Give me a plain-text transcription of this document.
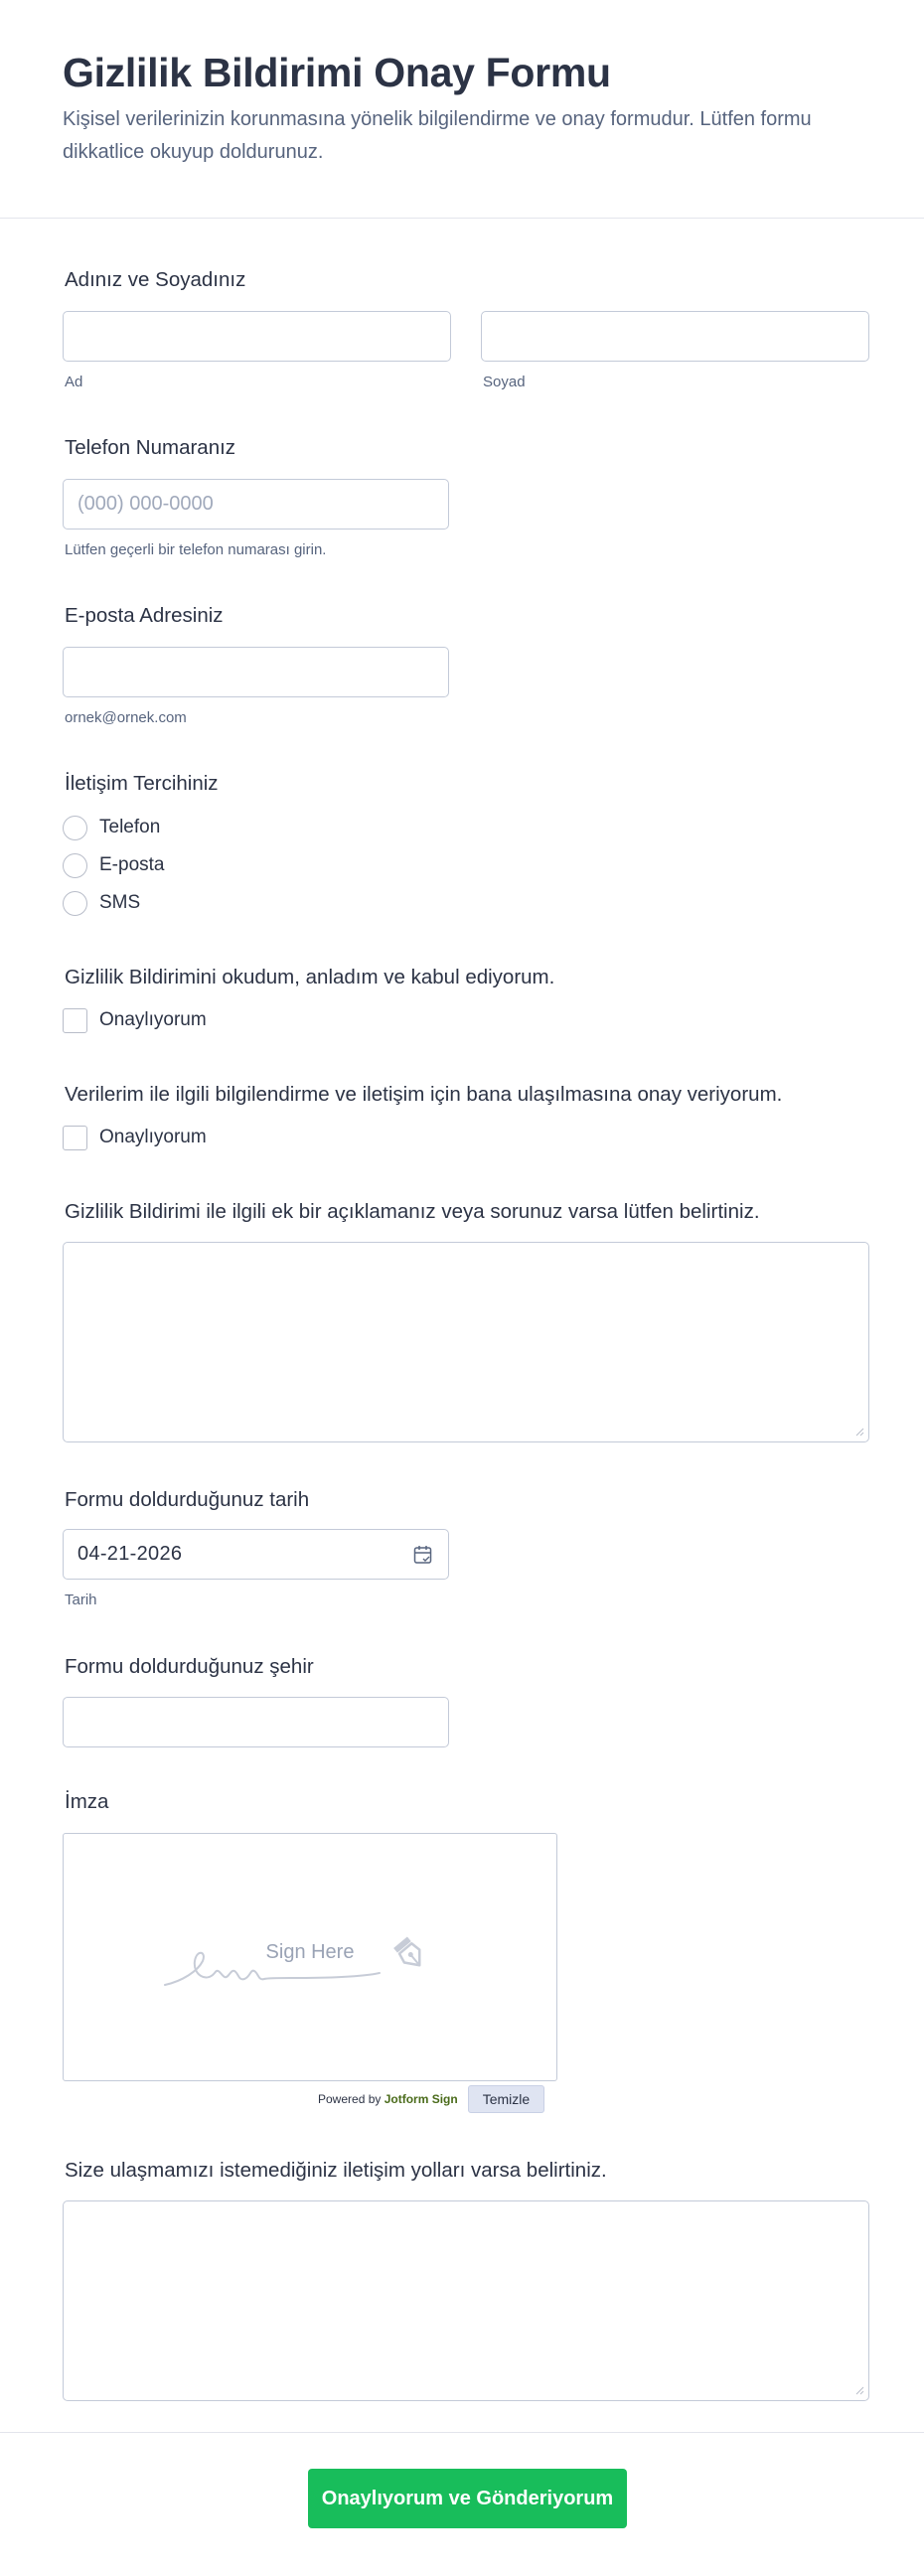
Gizlilik Bildirimi Onay Formu

Kişisel verilerinizin korunmasına yönelik bilgilendirme ve onay formudur. Lütfen formu dikkatlice okuyup doldurunuz.

Adınız ve Soyadınız
Ad	Soyad
Telefon Numaranız
(000) 000-0000
Lütfen geçerli bir telefon numarası girin.
E-posta Adresiniz
ornek@ornek.com
İletişim Tercihiniz
Telefon
E-posta
SMS
Gizlilik Bildirimini okudum, anladım ve kabul ediyorum.
Onaylıyorum
Verilerim ile ilgili bilgilendirme ve iletişim için bana ulaşılmasına onay veriyorum.
Onaylıyorum
Gizlilik Bildirimi ile ilgili ek bir açıklamanız veya sorunuz varsa lütfen belirtiniz.
Formu doldurduğunuz tarih
04-21-2026
Tarih
Formu doldurduğunuz şehir
İmza
Sign Here
Powered by Jotform Sign	Temizle
Size ulaşmamızı istemediğiniz iletişim yolları varsa belirtiniz.
Onaylıyorum ve Gönderiyorum
